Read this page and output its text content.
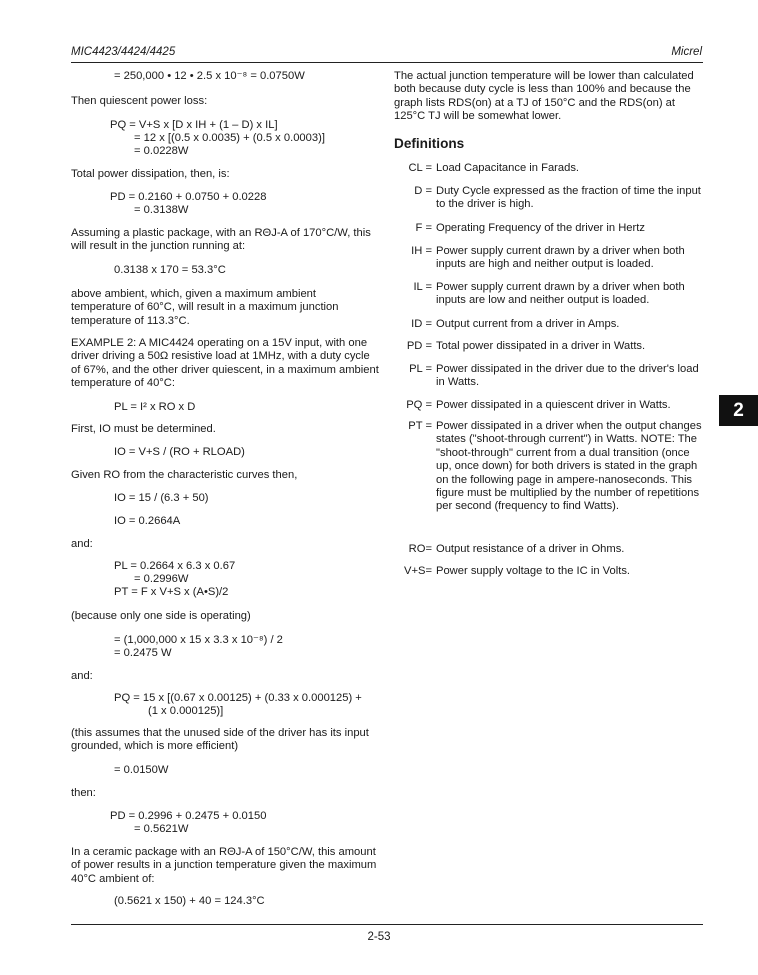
MIC4423/4424/4425	Micrel
= 250,000 • 12 • 2.5 x 10⁻⁸ = 0.0750W
Then quiescent power loss:
PQ = V+S x [D x IH + (1 – D) x IL]
= 12 x [(0.5 x 0.0035) + (0.5 x 0.0003)]
= 0.0228W
Total power dissipation, then, is:
PD = 0.2160 + 0.0750 + 0.0228
= 0.3138W
Assuming a plastic package, with an RΘJ-A of 170°C/W, this will result in the junction running at:
0.3138 x 170 = 53.3°C
above ambient, which, given a maximum ambient temperature of 60°C, will result in a maximum junction temperature of 113.3°C.
EXAMPLE 2: A MIC4424 operating on a 15V input, with one driver driving a 50Ω resistive load at 1MHz, with a duty cycle of 67%, and the other driver quiescent, in a maximum ambient temperature of 40°C:
PL = I² x RO x D
First, IO must be determined.
IO = V+S / (RO + RLOAD)
Given RO from the characteristic curves then,
IO = 15 / (6.3 + 50)
IO = 0.2664A
and:
PL = 0.2664 x 6.3 x 0.67
= 0.2996W
PT = F x V+S x (A•S)/2
(because only one side is operating)
= (1,000,000 x 15 x 3.3 x 10⁻⁸) / 2
= 0.2475 W
and:
PQ = 15 x [(0.67 x 0.00125) + (0.33 x 0.000125) +
(1 x 0.000125)]
(this assumes that the unused side of the driver has its input grounded, which is more efficient)
= 0.0150W
then:
PD = 0.2996 + 0.2475 + 0.0150
= 0.5621W
In a ceramic package with an RΘJ-A of 150°C/W, this amount of power results in a junction temperature given the maximum 40°C ambient of:
(0.5621 x 150) + 40 = 124.3°C
The actual junction temperature will be lower than calculated both because duty cycle is less than 100% and because the graph lists RDS(on) at a TJ of 150°C and the RDS(on) at 125°C TJ will be somewhat lower.
Definitions
CL = Load Capacitance in Farads.
D = Duty Cycle expressed as the fraction of time the input to the driver is high.
F = Operating Frequency of the driver in Hertz
IH = Power supply current drawn by a driver when both inputs are high and neither output is loaded.
IL = Power supply current drawn by a driver when both inputs are low and neither output is loaded.
ID = Output current from a driver in Amps.
PD = Total power dissipated in a driver in Watts.
PL = Power dissipated in the driver due to the driver's load in Watts.
PQ = Power dissipated in a quiescent driver in Watts.
PT = Power dissipated in a driver when the output changes states ("shoot-through current") in Watts. NOTE: The "shoot-through" current from a dual transition (once up, once down) for both drivers is stated in the graph on the following page in ampere-nanoseconds. This figure must be multiplied by the number of repetitions per second (frequency to find Watts).
RO= Output resistance of a driver in Ohms.
V+S= Power supply voltage to the IC in Volts.
2
2-53
